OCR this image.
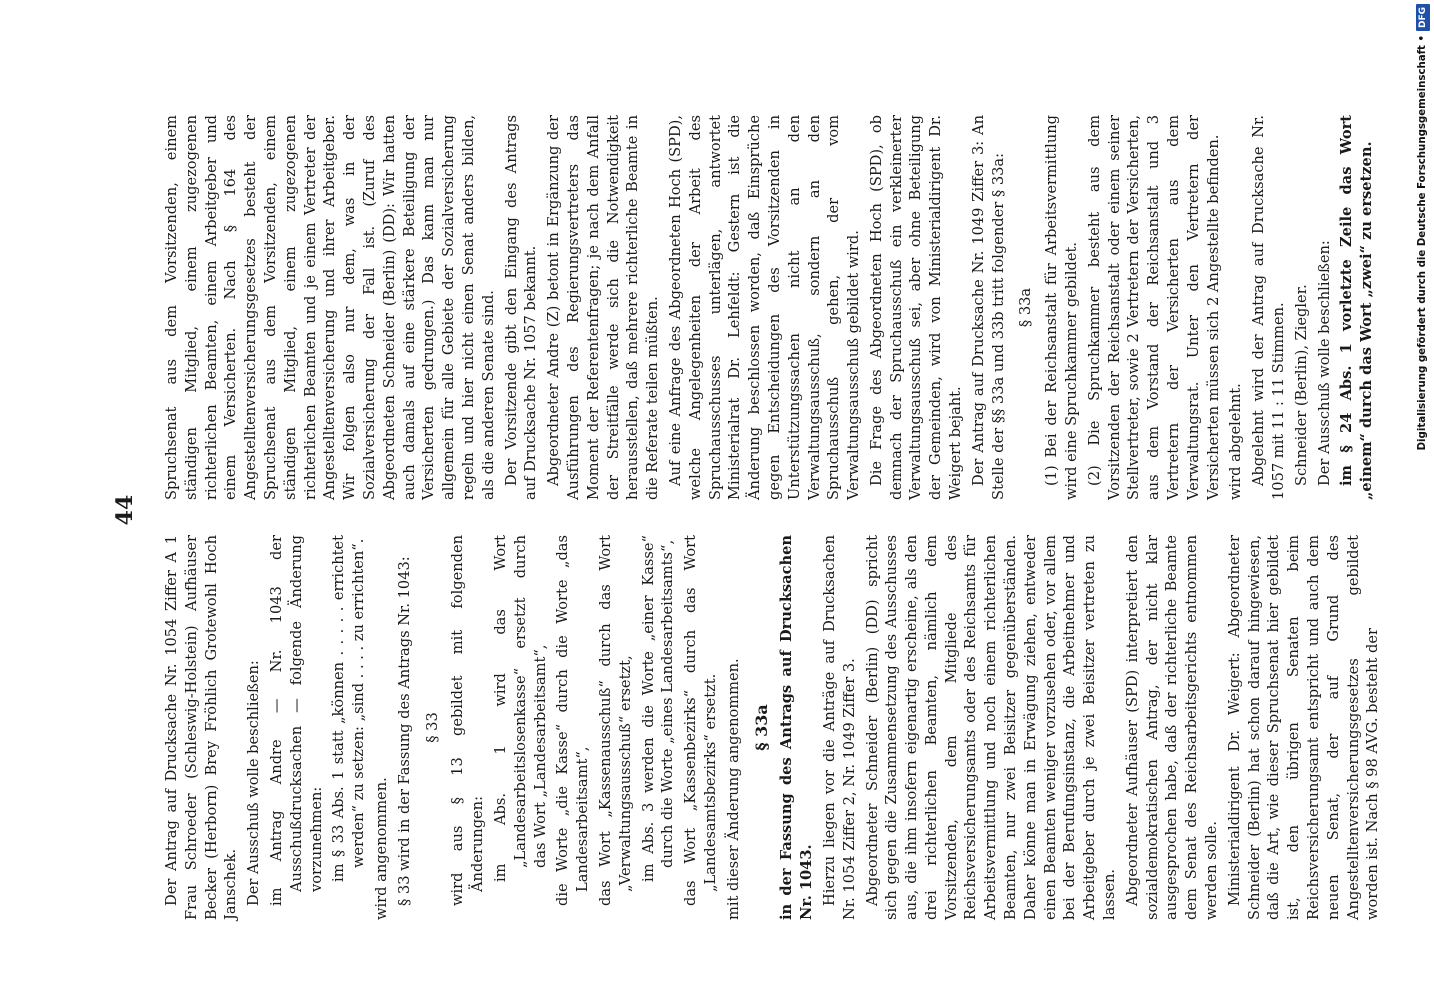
44

Der Antrag auf Drucksache Nr. 1054 Ziffer A 1 Frau Schroeder (Schleswig-Holstein) Aufhäuser Becker (Herborn) Brey Fröhlich Grotewohl Hoch Janschek. Der Ausschuß wolle beschließen: im Antrag Andre — Nr. 1043 der Ausschußdrucksachen — folgende Änderung vorzunehmen: im § 33 Abs. 1 statt „können . . . . . errichtet werden“ zu setzen: „sind . . . . zu errichten“. wird angenommen. § 33 wird in der Fassung des Antrags Nr. 1043: § 33 wird aus § 13 gebildet mit folgenden Änderungen: im Abs. 1 wird das Wort „Landesarbeitslosenkasse“ ersetzt durch das Wort „Landesarbeitsamt“, die Worte „die Kasse“ durch die Worte „das Landesarbeitsamt“, das Wort „Kassenausschuß“ durch das Wort „Verwaltungsausschuß“ ersetzt, im Abs. 3 werden die Worte „einer Kasse“ durch die Worte „eines Landesarbeitsamts“, das Wort „Kassenbezirks“ durch das Wort „Landesamtsbezirks“ ersetzt. mit dieser Änderung angenommen. § 33a in der Fassung des Antrags auf Drucksachen Nr. 1043. Hierzu liegen vor die Anträge auf Drucksachen Nr. 1054 Ziffer 2, Nr. 1049 Ziffer 3. Abgeordneter Schneider (Berlin) (DD) spricht sich gegen die Zusammensetzung des Ausschusses aus, die ihm insofern eigenartig erscheine, als den drei richterlichen Beamten, nämlich dem Vorsitzenden, dem Mitgliede des Reichsversicherungsamts oder des Reichsamts für Arbeitsvermittlung und noch einem richterlichen Beamten, nur zwei Beisitzer gegenüberständen. Daher könne man in Erwägung ziehen, entweder einen Beamten weniger vorzusehen oder, vor allem bei der Berufungsinstanz, die Arbeitnehmer und Arbeitgeber durch je zwei Beisitzer vertreten zu lassen. Abgeordneter Aufhäuser (SPD) interpretiert den sozialdemokratischen Antrag, der nicht klar ausgesprochen habe, daß der richterliche Beamte dem Senat des Reichsarbeitsgerichts entnommen werden solle. Ministerialdirigent Dr. Weigert: Abgeordneter Schneider (Berlin) hat schon darauf hingewiesen, daß die Art, wie dieser Spruchsenat hier gebildet ist, den übrigen Senaten beim Reichsversicherungsamt entspricht und auch dem neuen Senat, der auf Grund des Angestelltenversicherungsgesetzes gebildet worden ist. Nach § 98 AVG. besteht der

Spruchsenat aus dem Vorsitzenden, einem ständigen Mitglied, einem zugezogenen richterlichen Beamten, einem Arbeitgeber und einem Versicherten. Nach § 164 des Angestelltenversicherungsgesetzes besteht der Spruchsenat aus dem Vorsitzenden, einem ständigen Mitglied, einem zugezogenen richterlichen Beamten und je einem Vertreter der Angestelltenversicherung und ihrer Arbeitgeber. Wir folgen also nur dem, was in der Sozialversicherung der Fall ist. (Zuruf des Abgeordneten Schneider (Berlin) (DD): Wir hatten auch damals auf eine stärkere Beteiligung der Versicherten gedrungen.) Das kann man nur allgemein für alle Gebiete der Sozialversicherung regeln und hier nicht einen Senat anders bilden, als die anderen Senate sind. Der Vorsitzende gibt den Eingang des Antrags auf Drucksache Nr. 1057 bekannt. Abgeordneter Andre (Z) betont in Ergänzung der Ausführungen des Regierungsvertreters das Moment der Referentenfragen; je nach dem Anfall der Streitfälle werde sich die Notwendigkeit herausstellen, daß mehrere richterliche Beamte in die Referate teilen müßten. Auf eine Anfrage des Abgeordneten Hoch (SPD), welche Angelegenheiten der Arbeit des Spruchausschusses unterlägen, antwortet Ministerialrat Dr. Lehfeldt: Gestern ist die Änderung beschlossen worden, daß Einsprüche gegen Entscheidungen des Vorsitzenden in Unterstützungssachen nicht an den Verwaltungsausschuß, sondern an den Spruchausschuß gehen, der vom Verwaltungsausschuß gebildet wird. Die Frage des Abgeordneten Hoch (SPD), ob demnach der Spruchausschuß ein verkleinerter Verwaltungsausschuß sei, aber ohne Beteiligung der Gemeinden, wird von Ministerialdirigent Dr. Weigert bejaht. Der Antrag auf Drucksache Nr. 1049 Ziffer 3: An Stelle der §§ 33a und 33b tritt folgender § 33a: § 33a (1) Bei der Reichsanstalt für Arbeitsvermittlung wird eine Spruchkammer gebildet. (2) Die Spruchkammer besteht aus dem Vorsitzenden der Reichsanstalt oder einem seiner Stellvertreter, sowie 2 Vertretern der Versicherten, aus dem Vorstand der Reichsanstalt und 3 Vertretern der Versicherten aus dem Verwaltungsrat. Unter den Vertretern der Versicherten müssen sich 2 Angestellte befinden. wird abgelehnt. Abgelehnt wird der Antrag auf Drucksache Nr. 1057 mit 11 : 11 Stimmen. Schneider (Berlin), Ziegler. Der Ausschuß wolle beschließen: im § 24 Abs. 1 vorletzte Zeile das Wort „einem“ durch das Wort „zwei“ zu ersetzen.	Digitalisierung gefördert durch die Deutsche Forschungsgemeinschaft •
DFG
